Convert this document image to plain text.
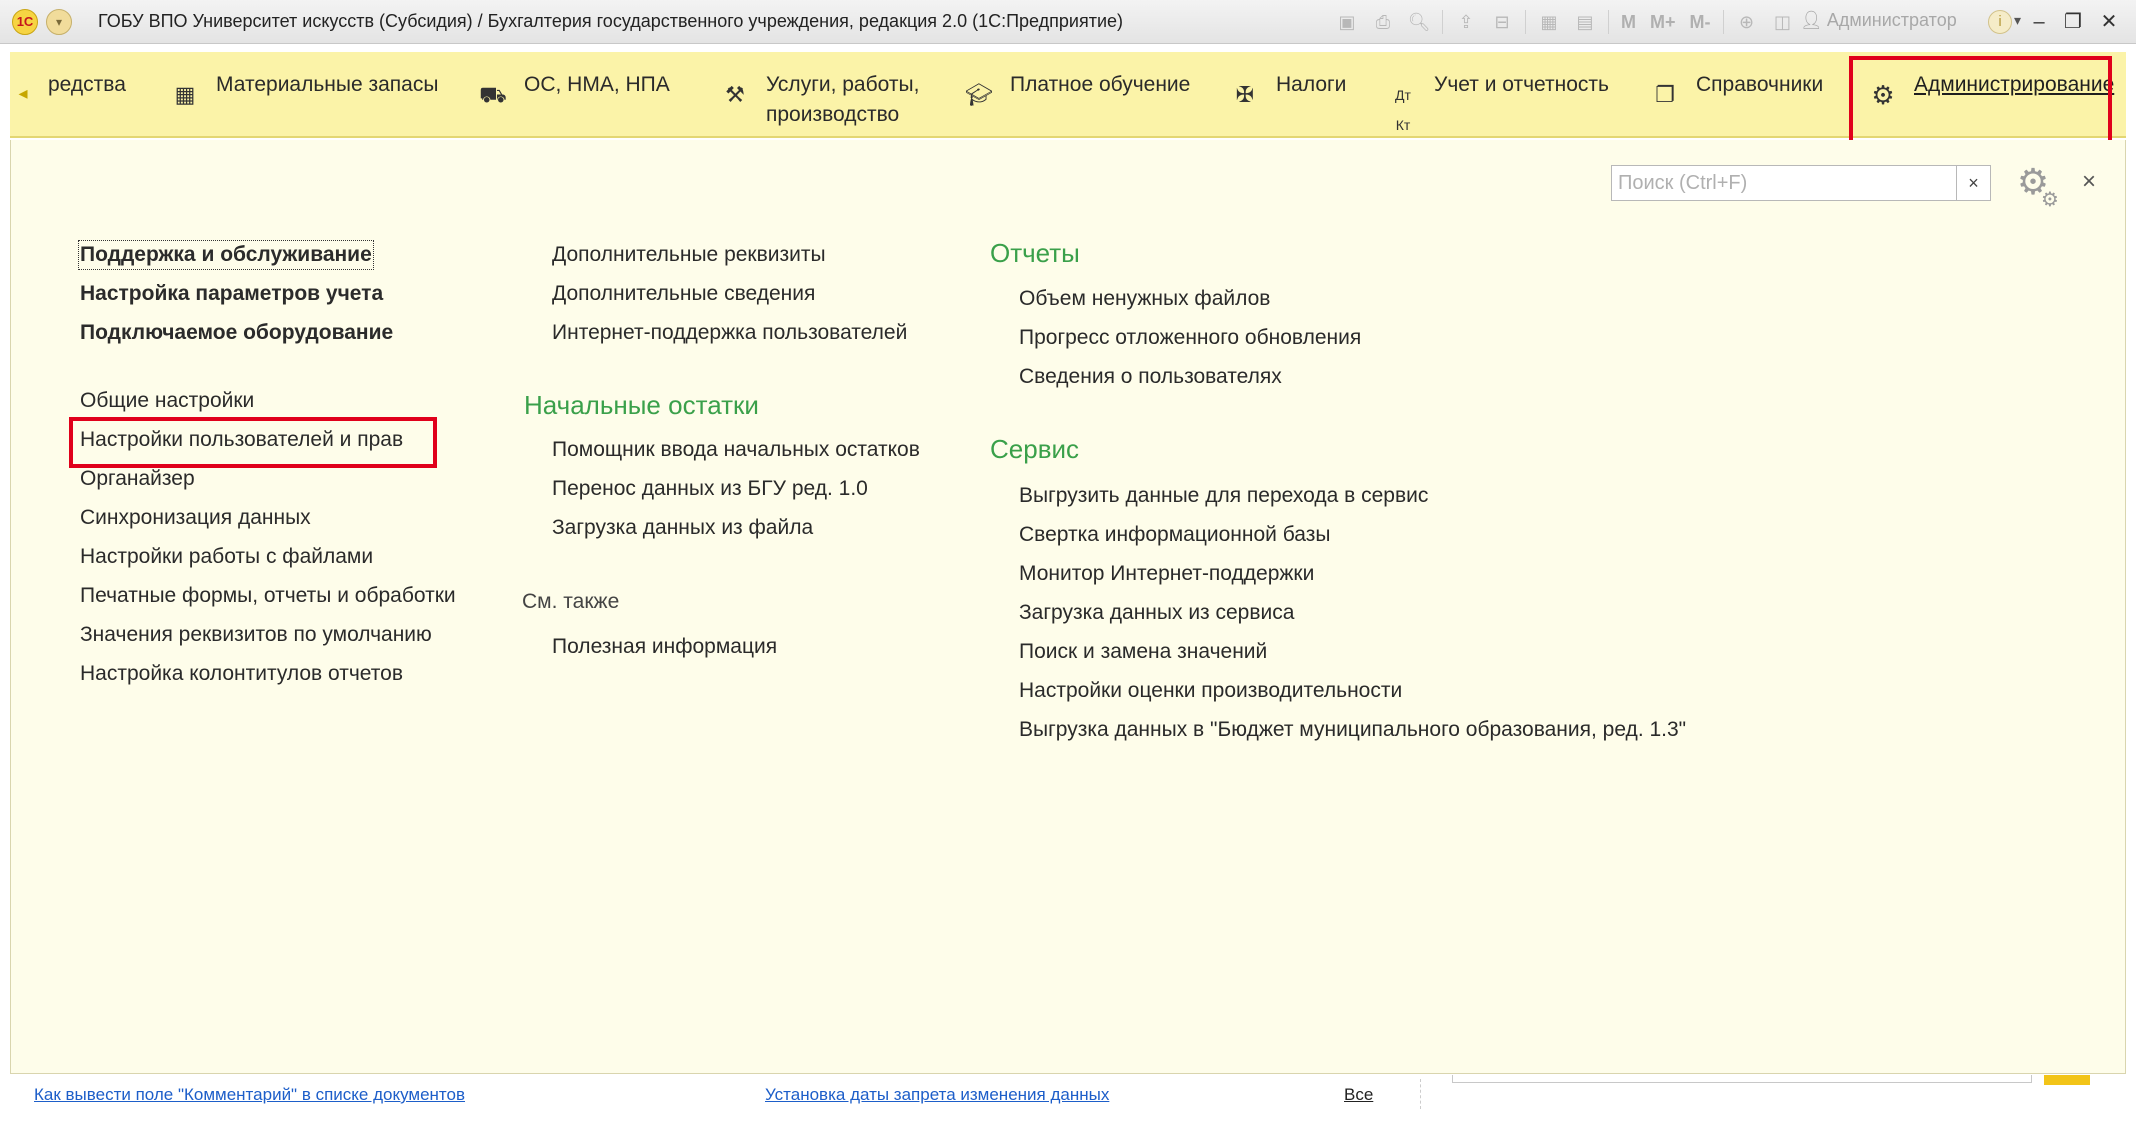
1С	▾	ГОБУ ВПО Университет искусств (Субсидия) / Бухгалтерия государственного учреждения, редакция 2.0 (1С:Предприятие)	▣	⎙ 🔍︎	⇪	⊟	▦	▤	M M+ M-	⊕	◫ 👤︎ Администратор	i ▾ – ❐ ✕
◂ редства ▦ Материальные запасы ⛟ ОС, НМА, НПА	⚒ Услуги, работы,
производство
🎓︎ Платное обучение ✠ Налоги	Дт
Кт
Учет и отчетность ❐ Справочники ⚙ Администрирование
Поиск (Ctrl+F)
×	⚙
⚙
×
Поддержка и обслуживание
Настройка параметров учета
Подключаемое оборудование
Общие настройки
Настройки пользователей и прав
Органайзер
Синхронизация данных
Настройки работы с файлами
Печатные формы, отчеты и обработки
Значения реквизитов по умолчанию
Настройка колонтитулов отчетов
Дополнительные реквизиты
Дополнительные сведения
Интернет-поддержка пользователей
Начальные остатки
Помощник ввода начальных остатков
Перенос данных из БГУ ред. 1.0
Загрузка данных из файла
См. также
Полезная информация
Отчеты
Объем ненужных файлов
Прогресс отложенного обновления
Сведения о пользователях
Сервис
Выгрузить данные для перехода в сервис
Свертка информационной базы
Монитор Интернет-поддержки
Загрузка данных из сервиса
Поиск и замена значений
Настройки оценки производительности
Выгрузка данных в "Бюджет муниципального образования, ред. 1.3"
Как вывести поле "Комментарий" в списке документов	Установка даты запрета изменения данных	Все
